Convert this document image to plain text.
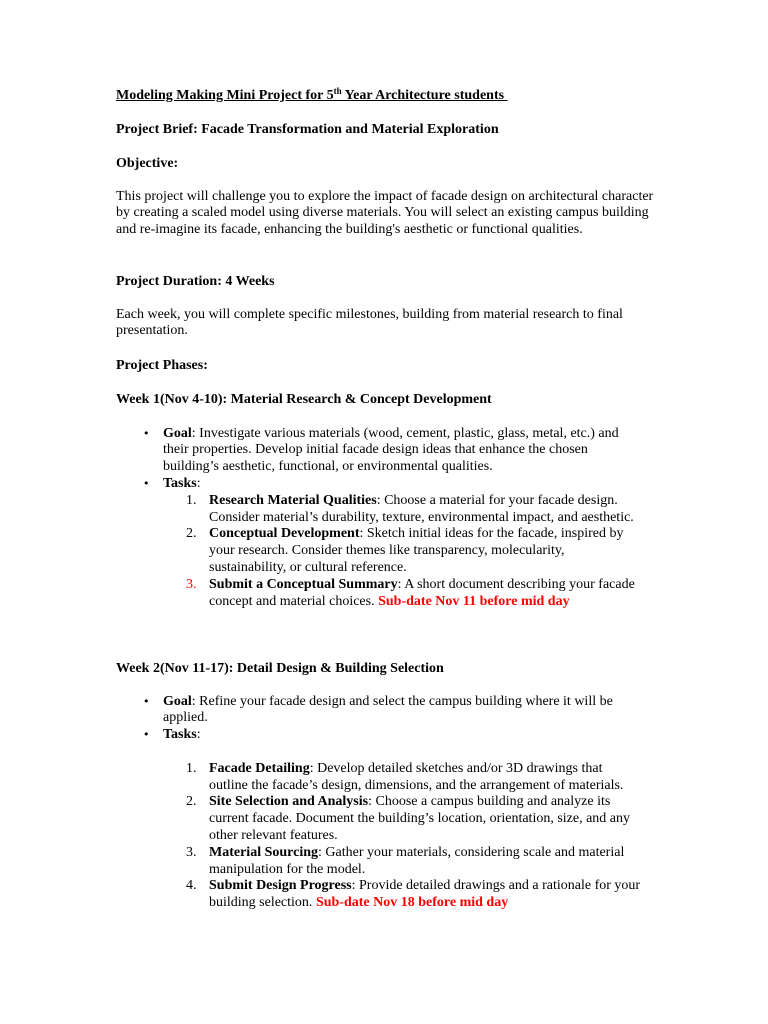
Modeling Making Mini Project for 5th Year Architecture students
Project Brief: Facade Transformation and Material Exploration
Objective:
This project will challenge you to explore the impact of facade design on architectural character by creating a scaled model using diverse materials. You will select an existing campus building and re-imagine its facade, enhancing the building's aesthetic or functional qualities.
Project Duration: 4 Weeks
Each week, you will complete specific milestones, building from material research to final presentation.
Project Phases:
Week 1(Nov 4-10): Material Research & Concept Development
• Goal: Investigate various materials (wood, cement, plastic, glass, metal, etc.) and their properties. Develop initial facade design ideas that enhance the chosen building’s aesthetic, functional, or environmental qualities.
• Tasks:
1. Research Material Qualities: Choose a material for your facade design. Consider material’s durability, texture, environmental impact, and aesthetic.
2. Conceptual Development: Sketch initial ideas for the facade, inspired by your research. Consider themes like transparency, molecularity, sustainability, or cultural reference.
3. Submit a Conceptual Summary: A short document describing your facade concept and material choices. Sub-date Nov 11 before mid day
Week 2(Nov 11-17): Detail Design & Building Selection
• Goal: Refine your facade design and select the campus building where it will be applied.
• Tasks:
1. Facade Detailing: Develop detailed sketches and/or 3D drawings that outline the facade’s design, dimensions, and the arrangement of materials.
2. Site Selection and Analysis: Choose a campus building and analyze its current facade. Document the building’s location, orientation, size, and any other relevant features.
3. Material Sourcing: Gather your materials, considering scale and material manipulation for the model.
4. Submit Design Progress: Provide detailed drawings and a rationale for your building selection. Sub-date Nov 18 before mid day
